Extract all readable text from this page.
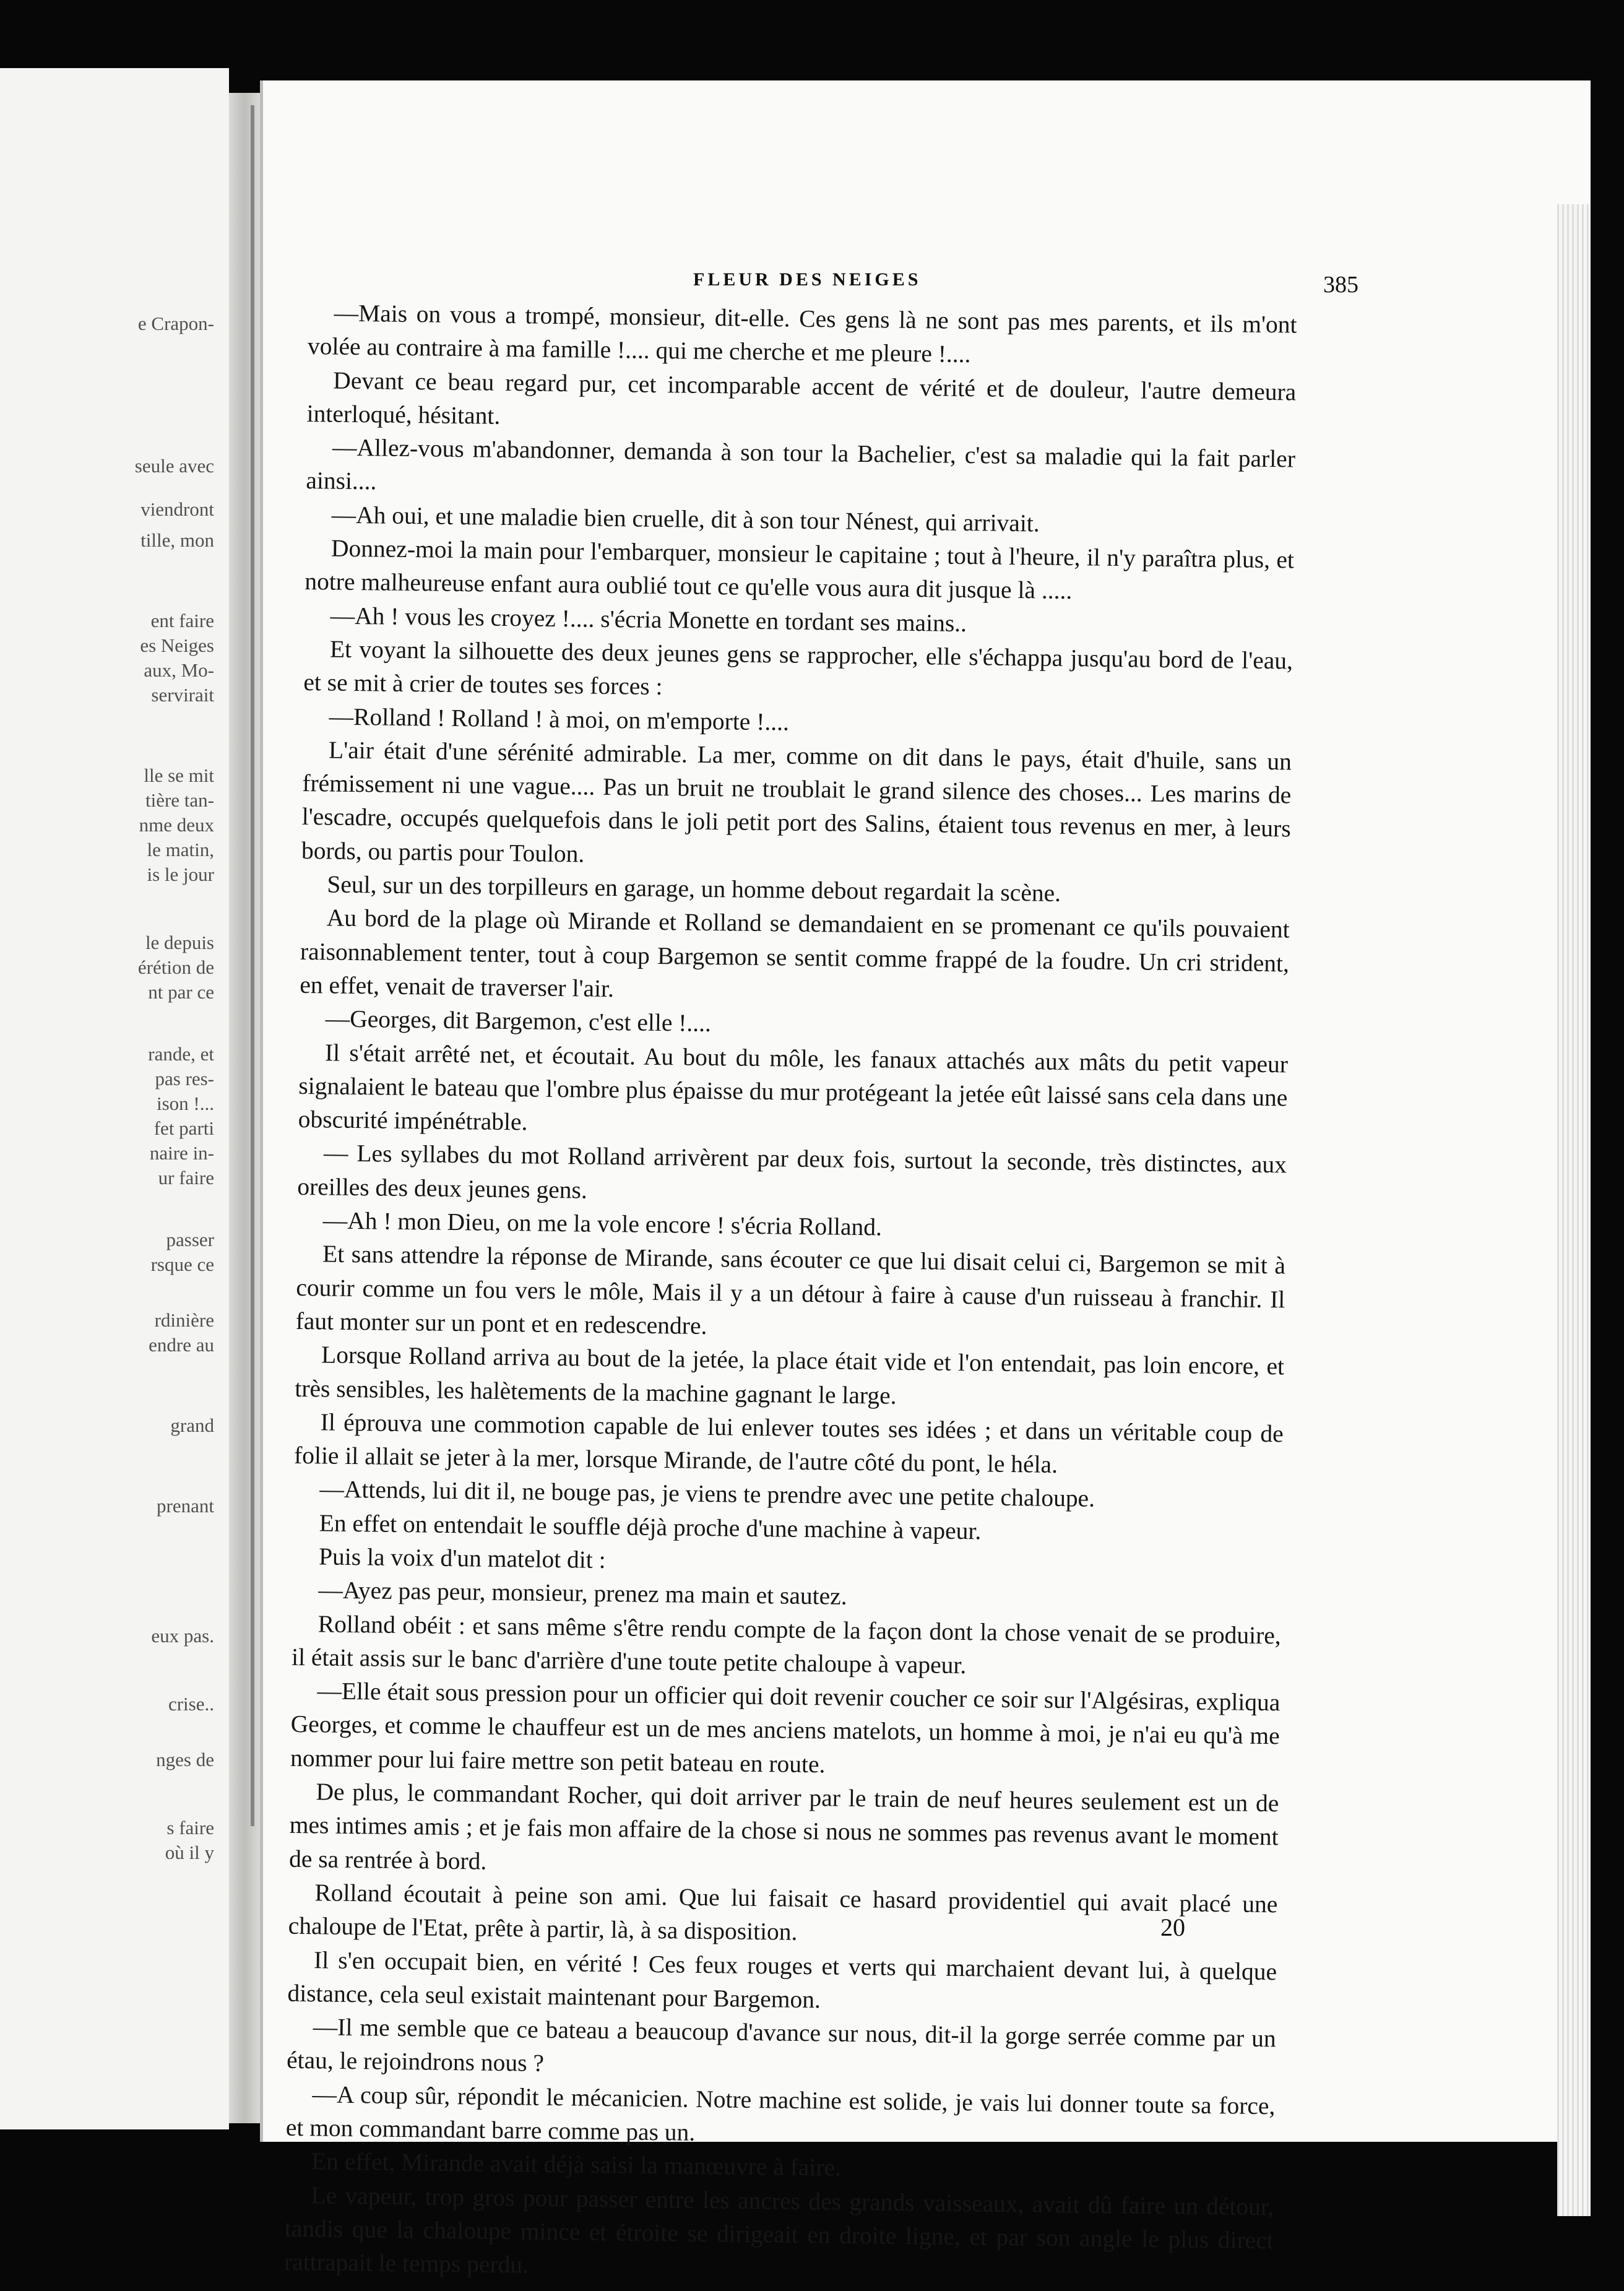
e Crapon-
seule avec
viendront
tille, mon
ent faire
es Neiges
aux, Mo-
servirait
lle se mit
tière tan-
nme deux
le matin,
is le jour
le depuis
érétion de
nt par ce
rande, et
pas res-
ison !...
fet parti
naire in-
ur faire
passer
rsque ce
rdinière
endre au
grand
prenant
eux pas.
crise..
nges de
s faire
où il y
FLEUR DES NEIGES	385

—Mais on vous a trompé, monsieur, dit-elle. Ces gens là ne sont pas mes parents, et ils m'ont volée au contraire à ma famille !.... qui me cherche et me pleure !....

Devant ce beau regard pur, cet incomparable accent de vérité et de douleur, l'autre demeura interloqué, hésitant.

—Allez-vous m'abandonner, demanda à son tour la Bachelier, c'est sa maladie qui la fait parler ainsi....

—Ah oui, et une maladie bien cruelle, dit à son tour Nénest, qui arrivait.

Donnez-moi la main pour l'embarquer, monsieur le capitaine ; tout à l'heure, il n'y paraîtra plus, et notre malheureuse enfant aura oublié tout ce qu'elle vous aura dit jusque là .....

—Ah ! vous les croyez !.... s'écria Monette en tordant ses mains..

Et voyant la silhouette des deux jeunes gens se rapprocher, elle s'échappa jusqu'au bord de l'eau, et se mit à crier de toutes ses forces :

—Rolland ! Rolland ! à moi, on m'emporte !....

L'air était d'une sérénité admirable. La mer, comme on dit dans le pays, était d'huile, sans un frémissement ni une vague.... Pas un bruit ne troublait le grand silence des choses... Les marins de l'escadre, occupés quelquefois dans le joli petit port des Salins, étaient tous revenus en mer, à leurs bords, ou partis pour Toulon.

Seul, sur un des torpilleurs en garage, un homme debout regardait la scène.

Au bord de la plage où Mirande et Rolland se demandaient en se promenant ce qu'ils pouvaient raisonnablement tenter, tout à coup Bargemon se sentit comme frappé de la foudre. Un cri strident, en effet, venait de traverser l'air.

—Georges, dit Bargemon, c'est elle !....

Il s'était arrêté net, et écoutait. Au bout du môle, les fanaux attachés aux mâts du petit vapeur signalaient le bateau que l'ombre plus épaisse du mur protégeant la jetée eût laissé sans cela dans une obscurité impénétrable.

— Les syllabes du mot Rolland arrivèrent par deux fois, surtout la seconde, très distinctes, aux oreilles des deux jeunes gens.

—Ah ! mon Dieu, on me la vole encore ! s'écria Rolland.

Et sans attendre la réponse de Mirande, sans écouter ce que lui disait celui ci, Bargemon se mit à courir comme un fou vers le môle, Mais il y a un détour à faire à cause d'un ruisseau à franchir. Il faut monter sur un pont et en redescendre.

Lorsque Rolland arriva au bout de la jetée, la place était vide et l'on entendait, pas loin encore, et très sensibles, les halètements de la machine gagnant le large.

Il éprouva une commotion capable de lui enlever toutes ses idées ; et dans un véritable coup de folie il allait se jeter à la mer, lorsque Mirande, de l'autre côté du pont, le héla.

—Attends, lui dit il, ne bouge pas, je viens te prendre avec une petite chaloupe.

En effet on entendait le souffle déjà proche d'une machine à vapeur.

Puis la voix d'un matelot dit :

—Ayez pas peur, monsieur, prenez ma main et sautez.

Rolland obéit : et sans même s'être rendu compte de la façon dont la chose venait de se produire, il était assis sur le banc d'arrière d'une toute petite chaloupe à vapeur.

—Elle était sous pression pour un officier qui doit revenir coucher ce soir sur l'Algésiras, expliqua Georges, et comme le chauffeur est un de mes anciens matelots, un homme à moi, je n'ai eu qu'à me nommer pour lui faire mettre son petit bateau en route.

De plus, le commandant Rocher, qui doit arriver par le train de neuf heures seulement est un de mes intimes amis ; et je fais mon affaire de la chose si nous ne sommes pas revenus avant le moment de sa rentrée à bord.

Rolland écoutait à peine son ami. Que lui faisait ce hasard providentiel qui avait placé une chaloupe de l'Etat, prête à partir, là, à sa disposition.

Il s'en occupait bien, en vérité ! Ces feux rouges et verts qui marchaient devant lui, à quelque distance, cela seul existait maintenant pour Bargemon.

—Il me semble que ce bateau a beaucoup d'avance sur nous, dit-il la gorge serrée comme par un étau, le rejoindrons nous ?

—A coup sûr, répondit le mécanicien. Notre machine est solide, je vais lui donner toute sa force, et mon commandant barre comme pas un.

En effet, Mirande avait déjà saisi la manœuvre à faire.

Le vapeur, trop gros pour passer entre les ancres des grands vaisseaux, avait dû faire un détour, tandis que la chaloupe mince et étroite se dirigeait en droite ligne, et par son angle le plus direct rattrapait le temps perdu.

20
